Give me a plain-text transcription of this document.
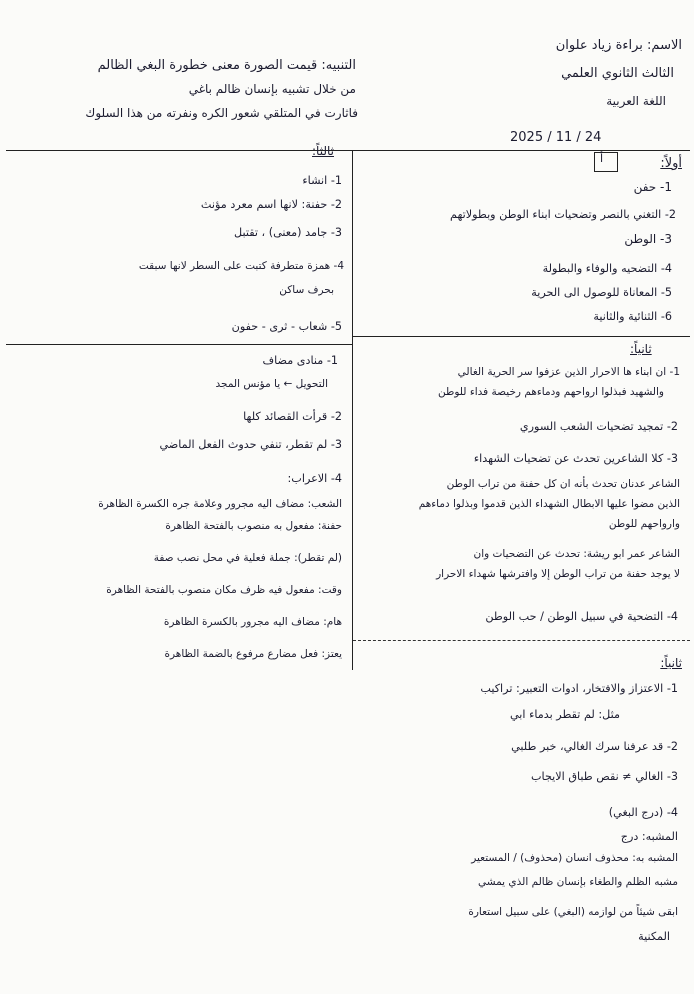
الاسم: براءة زياد علوان
الثالث الثانوي العلمي
اللغة العربية
التنبيه: قيمت الصورة معنى خطورة البغي الظالم
من خلال تشبيه بإنسان ظالم باغي
فاثارت في المتلقي شعور الكره ونفرته من هذا السلوك
2025 / 11 / 24
أولاً:
أ
1- حفن
2- التغني بالنصر وتضحيات ابناء الوطن وبطولاتهم
3- الوطن
4- التضحيه والوفاء والبطولة
5- المعاناة للوصول الى الحرية
6- الثنائية والثانية
ثانياً:
1- ان ابناء ها الاحرار الذين عزفوا سر الحرية الغالي
والشهيد فبذلوا ارواحهم ودماءهم رخيصة فداء للوطن
2- تمجيد تضحيات الشعب السوري
3- كلا الشاعرين تحدث عن تضحيات الشهداء
الشاعر عدنان تحدث بأنه ان كل حفنة من تراب الوطن
الذين مضوا عليها الابطال الشهداء الذين قدموا وبذلوا دماءهم
وارواحهم للوطن
الشاعر عمر ابو ريشة: تحدث عن التضحيات وان
لا يوجد حفنة من تراب الوطن إلا وافترشها شهداء الاحرار
4- التضحية في سبيل الوطن / حب الوطن
ثالثاً:
1- انشاء
2- حفنة: لانها اسم معرد مؤنث
3- جامد (معنى) ، تقتبل
4- همزة متطرفة كتبت على السطر لانها سبقت
بحرف ساكن
5- شعاب - ثرى - حفون
1- منادى مضاف
التحويل ← يا مؤنس المجد
2- قرأت القصائد كلها
3- لم تقطر، تنفي حدوث الفعل الماضي
4- الاعراب:
الشعب: مضاف اليه مجرور وعلامة جره الكسرة الظاهرة
حفنة: مفعول به منصوب بالفتحة الظاهرة
(لم تقطر): جملة فعلية في محل نصب صفة
وقت: مفعول فيه ظرف مكان منصوب بالفتحة الظاهرة
هام: مضاف اليه مجرور بالكسرة الظاهرة
يعتز: فعل مضارع مرفوع بالضمة الظاهرة
ثانياً:
1- الاعتزاز والافتخار، ادوات التعبير: تراكيب
مثل: لم تقطر بدماء ابي
2- قد عرفنا سرك الغالي، خبر طلبي
3- الغالي ≠ نقص طباق الايجاب
4- (درج البغي)
المشبه: درج
المشبه به: محذوف انسان (محذوف) / المستعير
مشبه الظلم والطغاء بإنسان ظالم الذي يمشي
ابقى شيئاً من لوازمه (البغي) على سبيل استعارة
المكنية
